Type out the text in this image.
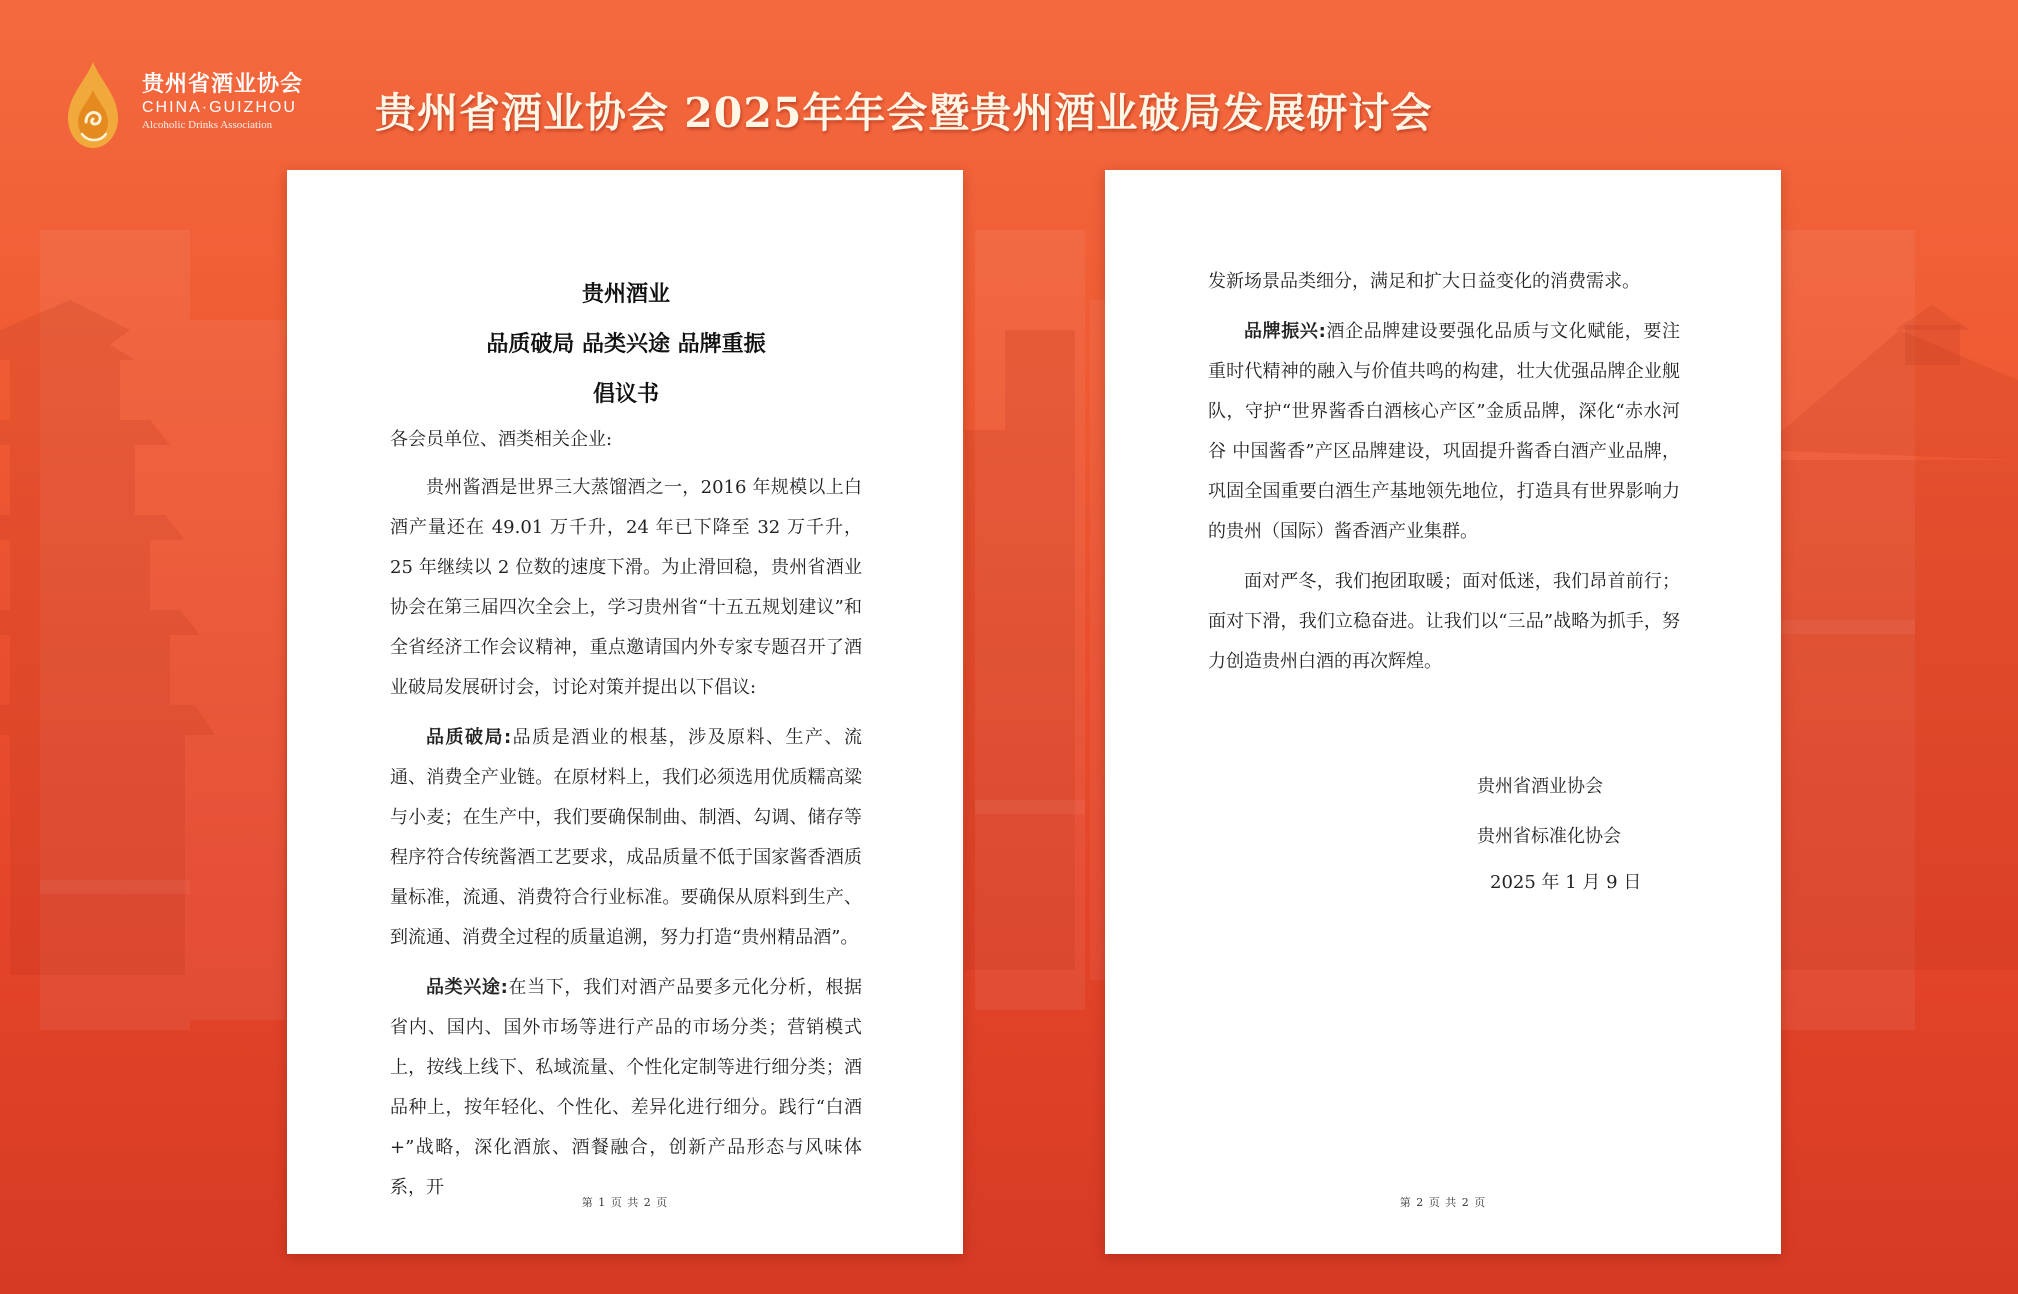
贵州省酒业协会
CHINA·GUIZHOU
Alcoholic Drinks Association	贵州省酒业协会 2025年年会暨贵州酒业破局发展研讨会
贵州酒业
品质破局 品类兴途 品牌重振
倡议书

各会员单位、酒类相关企业:

贵州酱酒是世界三大蒸馏酒之一，2016 年规模以上白酒产量还在 49.01 万千升，24 年已下降至 32 万千升，25 年继续以 2 位数的速度下滑。为止滑回稳，贵州省酒业协会在第三届四次全会上，学习贵州省“十五五规划建议”和全省经济工作会议精神，重点邀请国内外专家专题召开了酒业破局发展研讨会，讨论对策并提出以下倡议:

品质破局:品质是酒业的根基，涉及原料、生产、流通、消费全产业链。在原材料上，我们必须选用优质糯高粱与小麦；在生产中，我们要确保制曲、制酒、勾调、储存等程序符合传统酱酒工艺要求，成品质量不低于国家酱香酒质量标准，流通、消费符合行业标准。要确保从原料到生产、到流通、消费全过程的质量追溯，努力打造“贵州精品酒”。

品类兴途:在当下，我们对酒产品要多元化分析，根据省内、国内、国外市场等进行产品的市场分类；营销模式上，按线上线下、私域流量、个性化定制等进行细分类；酒品种上，按年轻化、个性化、差异化进行细分。践行“白酒+”战略，深化酒旅、酒餐融合，创新产品形态与风味体系，开

第 1 页 共 2 页

发新场景品类细分，满足和扩大日益变化的消费需求。

品牌振兴:酒企品牌建设要强化品质与文化赋能，要注重时代精神的融入与价值共鸣的构建，壮大优强品牌企业舰队，守护“世界酱香白酒核心产区”金质品牌，深化“赤水河谷 中国酱香”产区品牌建设，巩固提升酱香白酒产业品牌，巩固全国重要白酒生产基地领先地位，打造具有世界影响力的贵州（国际）酱香酒产业集群。

面对严冬，我们抱团取暖；面对低迷，我们昂首前行；面对下滑，我们立稳奋进。让我们以“三品”战略为抓手，努力创造贵州白酒的再次辉煌。

贵州省酒业协会
贵州省标准化协会
2025 年 1 月 9 日
第 2 页 共 2 页
